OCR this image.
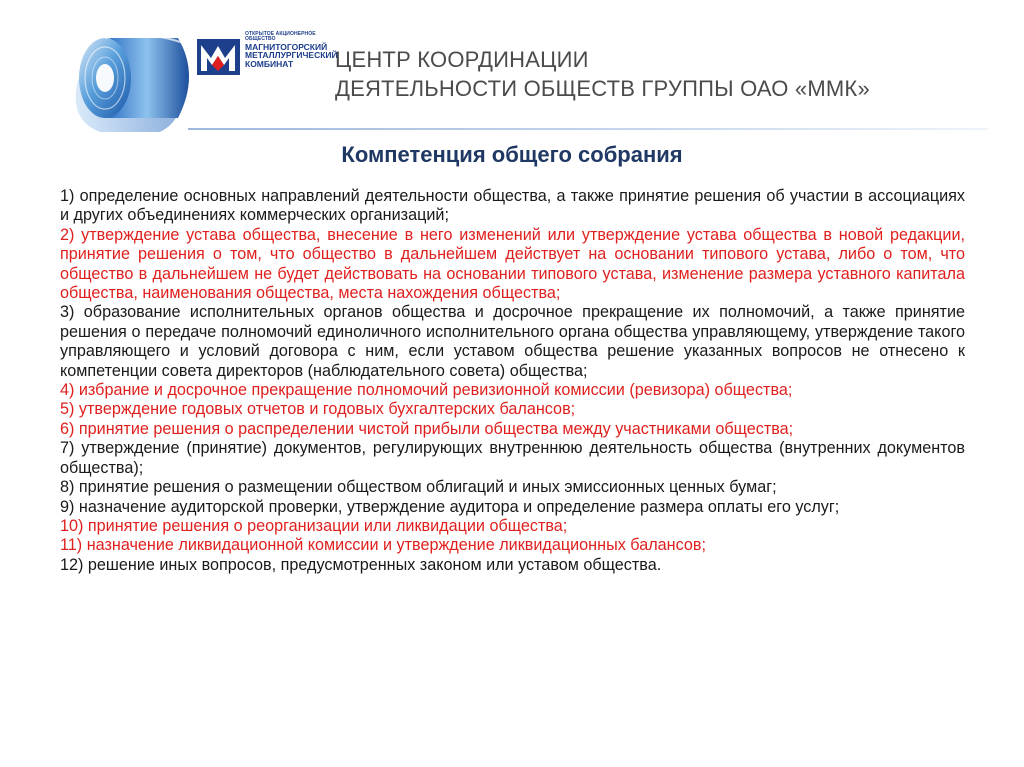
ОТКРЫТОЕ АКЦИОНЕРНОЕ ОБЩЕСТВО
МАГНИТОГОРСКИЙ
МЕТАЛЛУРГИЧЕСКИЙ
КОМБИНАТ	ЦЕНТР КООРДИНАЦИИ
ДЕЯТЕЛЬНОСТИ ОБЩЕСТВ ГРУППЫ ОАО «ММК»
Компетенция общего собрания
1) определение основных направлений деятельности общества, а также принятие решения об участии в ассоциациях и других объединениях коммерческих организаций;
2) утверждение устава общества, внесение в него изменений или утверждение устава общества в новой редакции, принятие решения о том, что общество в дальнейшем действует на основании типового устава, либо о том, что общество в дальнейшем не будет действовать на основании типового устава, изменение размера уставного капитала общества, наименования общества, места нахождения общества;
3) образование исполнительных органов общества и досрочное прекращение их полномочий, а также принятие решения о передаче полномочий единоличного исполнительного органа общества управляющему, утверждение такого управляющего и условий договора с ним, если уставом общества решение указанных вопросов не отнесено к компетенции совета директоров (наблюдательного совета) общества;
4) избрание и досрочное прекращение полномочий ревизионной комиссии (ревизора) общества;
5) утверждение годовых отчетов и годовых бухгалтерских балансов;
6) принятие решения о распределении чистой прибыли общества между участниками общества;
7) утверждение (принятие) документов, регулирующих внутреннюю деятельность общества (внутренних документов общества);
8) принятие решения о размещении обществом облигаций и иных эмиссионных ценных бумаг;
9) назначение аудиторской проверки, утверждение аудитора и определение размера оплаты его услуг;
10) принятие решения о реорганизации или ликвидации общества;
11) назначение ликвидационной комиссии и утверждение ликвидационных балансов;
12) решение иных вопросов, предусмотренных законом или уставом общества.
